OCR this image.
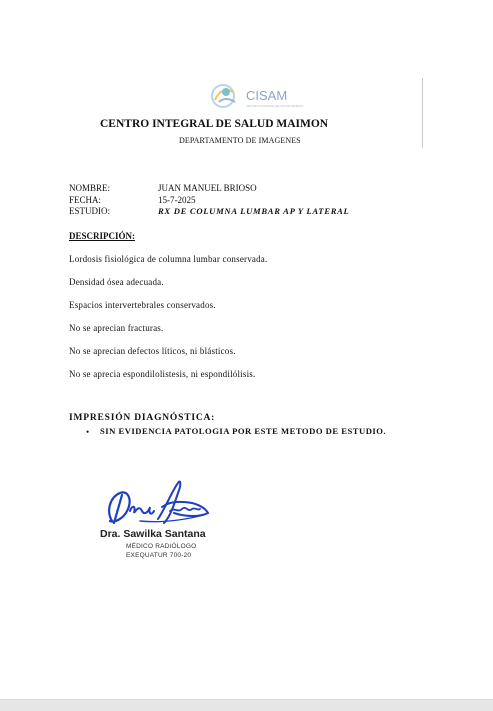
CISAM
CENTRO INTEGRAL DE SALUD MAIMON
CENTRO INTEGRAL DE SALUD MAIMON
DEPARTAMENTO DE IMAGENES
NOMBRE:	JUAN MANUEL BRIOSO
FECHA:	15-7-2025
ESTUDIO:	RX DE COLUMNA LUMBAR AP Y LATERAL
DESCRIPCIÓN:
Lordosis fisiológica de columna lumbar conservada.
Densidad ósea adecuada.
Espacios intervertebrales conservados.
No se aprecian fracturas.
No se aprecian defectos líticos, ni blásticos.
No se aprecia espondilolistesis, ni espondilólisis.
IMPRESIÓN DIAGNÓSTICA:
•	SIN EVIDENCIA PATOLOGIA POR ESTE METODO DE ESTUDIO.
Dra. Sawilka Santana
MÉDICO RADIÓLOGO
EXEQUATUR 700-20
